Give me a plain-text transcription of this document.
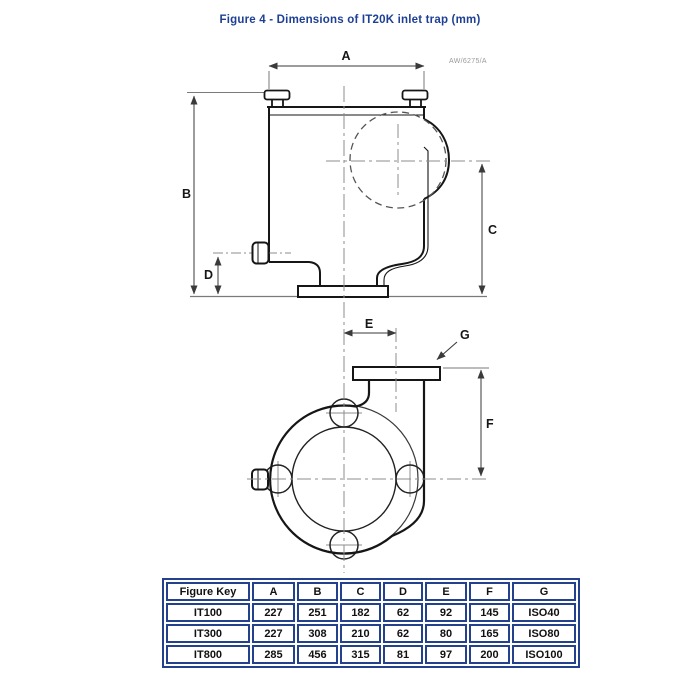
Figure 4 - Dimensions of IT20K inlet trap (mm)
AW/6275/A
A
B
D
C
E
F
G
Figure Key	A	B	C	D	E	F	G
IT100	227	251	182	62	92	145	ISO40
IT300	227	308	210	62	80	165	ISO80
IT800	285	456	315	81	97	200	ISO100
